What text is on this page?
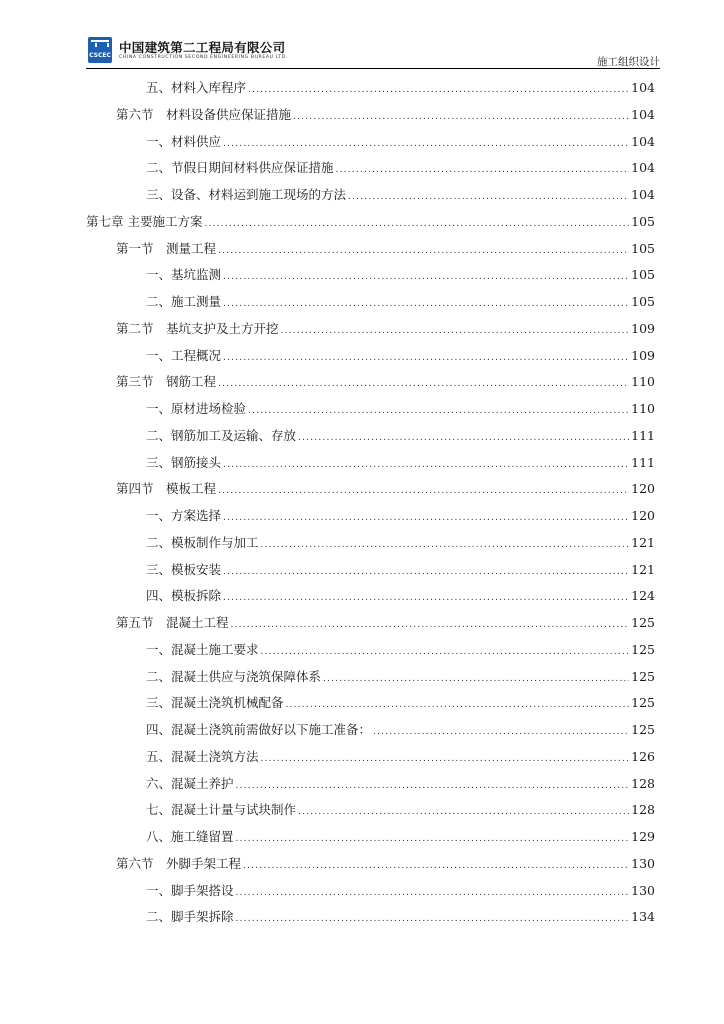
CSCEC
中国建筑第二工程局有限公司
CHINA CONSTRUCTION SECOND ENGINEERING BUREAU LTD.	施工组织设计
五、材料入库程序 .....	104
第六节　材料设备供应保证措施 .....	104
一、材料供应 .....	104
二、节假日期间材料供应保证措施 .....	104
三、设备、材料运到施工现场的方法 .....	104
第七章 主要施工方案 .....	105
第一节　测量工程 .....	105
一、基坑监测 .....	105
二、施工测量 .....	105
第二节　基坑支护及土方开挖 .....	109
一、工程概况 .....	109
第三节　钢筋工程 .....	110
一、原材进场检验 .....	110
二、钢筋加工及运输、存放 .....	111
三、钢筋接头 .....	111
第四节　模板工程 .....	120
一、方案选择 .....	120
二、模板制作与加工 .....	121
三、模板安装 .....	121
四、模板拆除 .....	124
第五节　混凝土工程 .....	125
一、混凝土施工要求 .....	125
二、混凝土供应与浇筑保障体系 .....	125
三、混凝土浇筑机械配备 .....	125
四、混凝土浇筑前需做好以下施工准备： .....	125
五、混凝土浇筑方法 .....	126
六、混凝土养护 .....	128
七、混凝土计量与试块制作 .....	128
八、施工缝留置 .....	129
第六节　外脚手架工程 .....	130
一、脚手架搭设 .....	130
二、脚手架拆除 .....	134
